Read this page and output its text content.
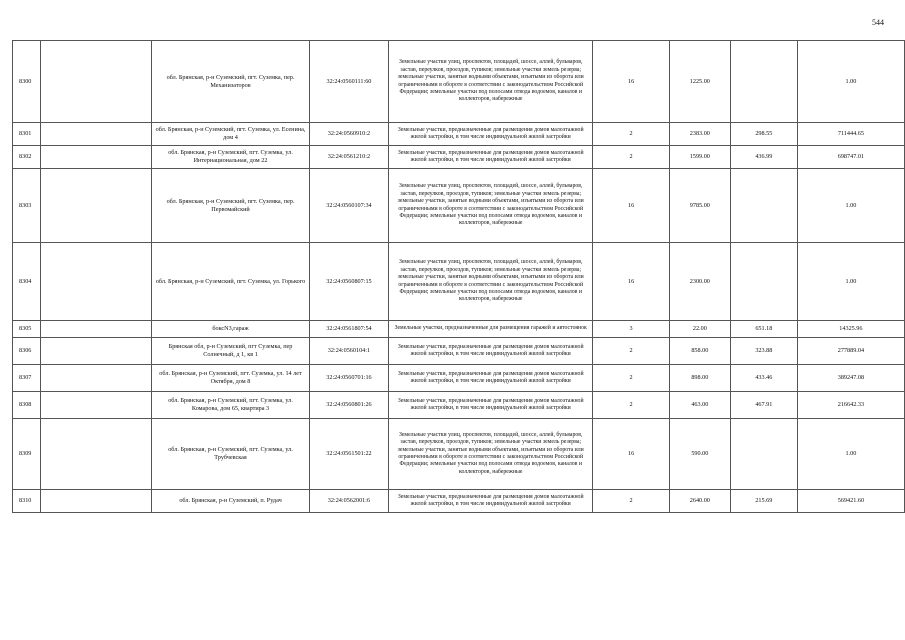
544
8300		обл. Брянская, р-н Суземский, пгт. Суземка, пер. Механизаторов	32:24:0560111:60	Земельные участки улиц, проспектов, площадей, шоссе, аллей, бульваров, застав, переулков, проездов, тупиков; земельные участки земель резерва; земельные участки, занятые водными объектами, изъятыми из оборота или ограниченными в обороте в соответствии с законодательством Российской Федерации; земельные участки под полосами отвода водоемов, каналов и коллекторов, набережные	16	1225.00		1.00
8301		обл. Брянская, р-н Суземский, пгт. Суземка, ул. Есенина, дом 4	32:24:0560910:2	Земельные участки, предназначенные для размещения домов малоэтажной жилой застройки, в том числе индивидуальной жилой застройки	2	2383.00	298.55	711444.65
8302		обл. Брянская, р-н Суземский, пгт. Суземка, ул. Интернациональная, дом 22	32:24:0561210:2	Земельные участки, предназначенные для размещения домов малоэтажной жилой застройки, в том числе индивидуальной жилой застройки	2	1599.00	436.99	698747.01
8303		обл. Брянская, р-н Суземский, пгт. Суземка, пер. Первомайский	32:24:0560107:34	Земельные участки улиц, проспектов, площадей, шоссе, аллей, бульваров, застав, переулков, проездов, тупиков; земельные участки земель резерва; земельные участки, занятые водными объектами, изъятыми из оборота или ограниченными в обороте в соответствии с законодательством Российской Федерации; земельные участки под полосами отвода водоемов, каналов и коллекторов, набережные	16	9785.00		1.00
8304		обл. Брянская, р-н Суземский, пгт. Суземка, ул. Горького	32:24:0560807:15	Земельные участки улиц, проспектов, площадей, шоссе, аллей, бульваров, застав, переулков, проездов, тупиков; земельные участки земель резерва; земельные участки, занятые водными объектами, изъятыми из оборота или ограниченными в обороте в соответствии с законодательством Российской Федерации; земельные участки под полосами отвода водоемов, каналов и коллекторов, набережные	16	2300.00		1.00
8305		боксN3,гараж	32:24:0561807:54	Земельные участки, предназначенные для размещения гаражей и автостоянок	3	22.00	651.18	14325.96
8306		Брянская обл, р-н Суземский, пгт Суземка, пер Солнечный, д 1, кв 1	32:24:0560104:1	Земельные участки, предназначенные для размещения домов малоэтажной жилой застройки, в том числе индивидуальной жилой застройки	2	858.00	323.88	277889.04
8307		обл. Брянская, р-н Суземский, пгт. Суземка, ул. 14 лет Октября, дом 8	32:24:0560701:16	Земельные участки, предназначенные для размещения домов малоэтажной жилой застройки, в том числе индивидуальной жилой застройки	2	898.00	433.46	389247.08
8308		обл. Брянская, р-н Суземский, пгт. Суземка, ул. Комарова, дом 65, квартира 3	32:24:0560801:26	Земельные участки, предназначенные для размещения домов малоэтажной жилой застройки, в том числе индивидуальной жилой застройки	2	463.00	467.91	216642.33
8309		обл. Брянская, р-н Суземский, пгт. Суземка, ул. Трубчевская	32:24:0561501:22	Земельные участки улиц, проспектов, площадей, шоссе, аллей, бульваров, застав, переулков, проездов, тупиков; земельные участки земель резерва; земельные участки, занятые водными объектами, изъятыми из оборота или ограниченными в обороте в соответствии с законодательством Российской Федерации; земельные участки под полосами отвода водоемов, каналов и коллекторов, набережные	16	590.00		1.00
8310		обл. Брянская, р-н Суземский, п. Рудач	32:24:0562001:6	Земельные участки, предназначенные для размещения домов малоэтажной жилой застройки, в том числе индивидуальной жилой застройки	2	2640.00	215.69	569421.60
